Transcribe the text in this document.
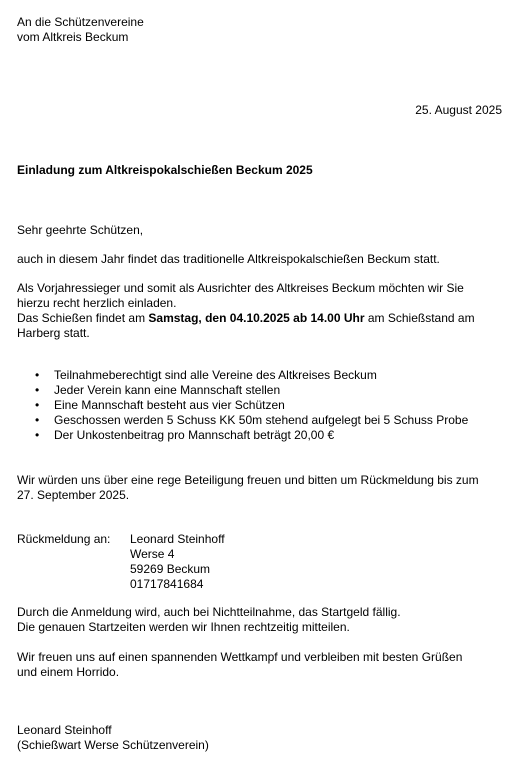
An die Schützenvereine
vom Altkreis Beckum
25. August 2025
Einladung zum Altkreispokalschießen Beckum 2025
Sehr geehrte Schützen,
auch in diesem Jahr findet das traditionelle Altkreispokalschießen Beckum statt.
Als Vorjahressieger und somit als Ausrichter des Altkreises Beckum möchten wir Sie
hierzu recht herzlich einladen.
Das Schießen findet am Samstag, den 04.10.2025 ab 14.00 Uhr am Schießstand am
Harberg statt.
• Teilnahmeberechtigt sind alle Vereine des Altkreises Beckum
• Jeder Verein kann eine Mannschaft stellen
• Eine Mannschaft besteht aus vier Schützen
• Geschossen werden 5 Schuss KK 50m stehend aufgelegt bei 5 Schuss Probe
• Der Unkostenbeitrag pro Mannschaft beträgt 20,00 €
Wir würden uns über eine rege Beteiligung freuen und bitten um Rückmeldung bis zum
27. September 2025.
Rückmeldung an: Leonard Steinhoff
Werse 4
59269 Beckum
01717841684
Durch die Anmeldung wird, auch bei Nichtteilnahme, das Startgeld fällig.
Die genauen Startzeiten werden wir Ihnen rechtzeitig mitteilen.
Wir freuen uns auf einen spannenden Wettkampf und verbleiben mit besten Grüßen
und einem Horrido.
Leonard Steinhoff
(Schießwart Werse Schützenverein)
